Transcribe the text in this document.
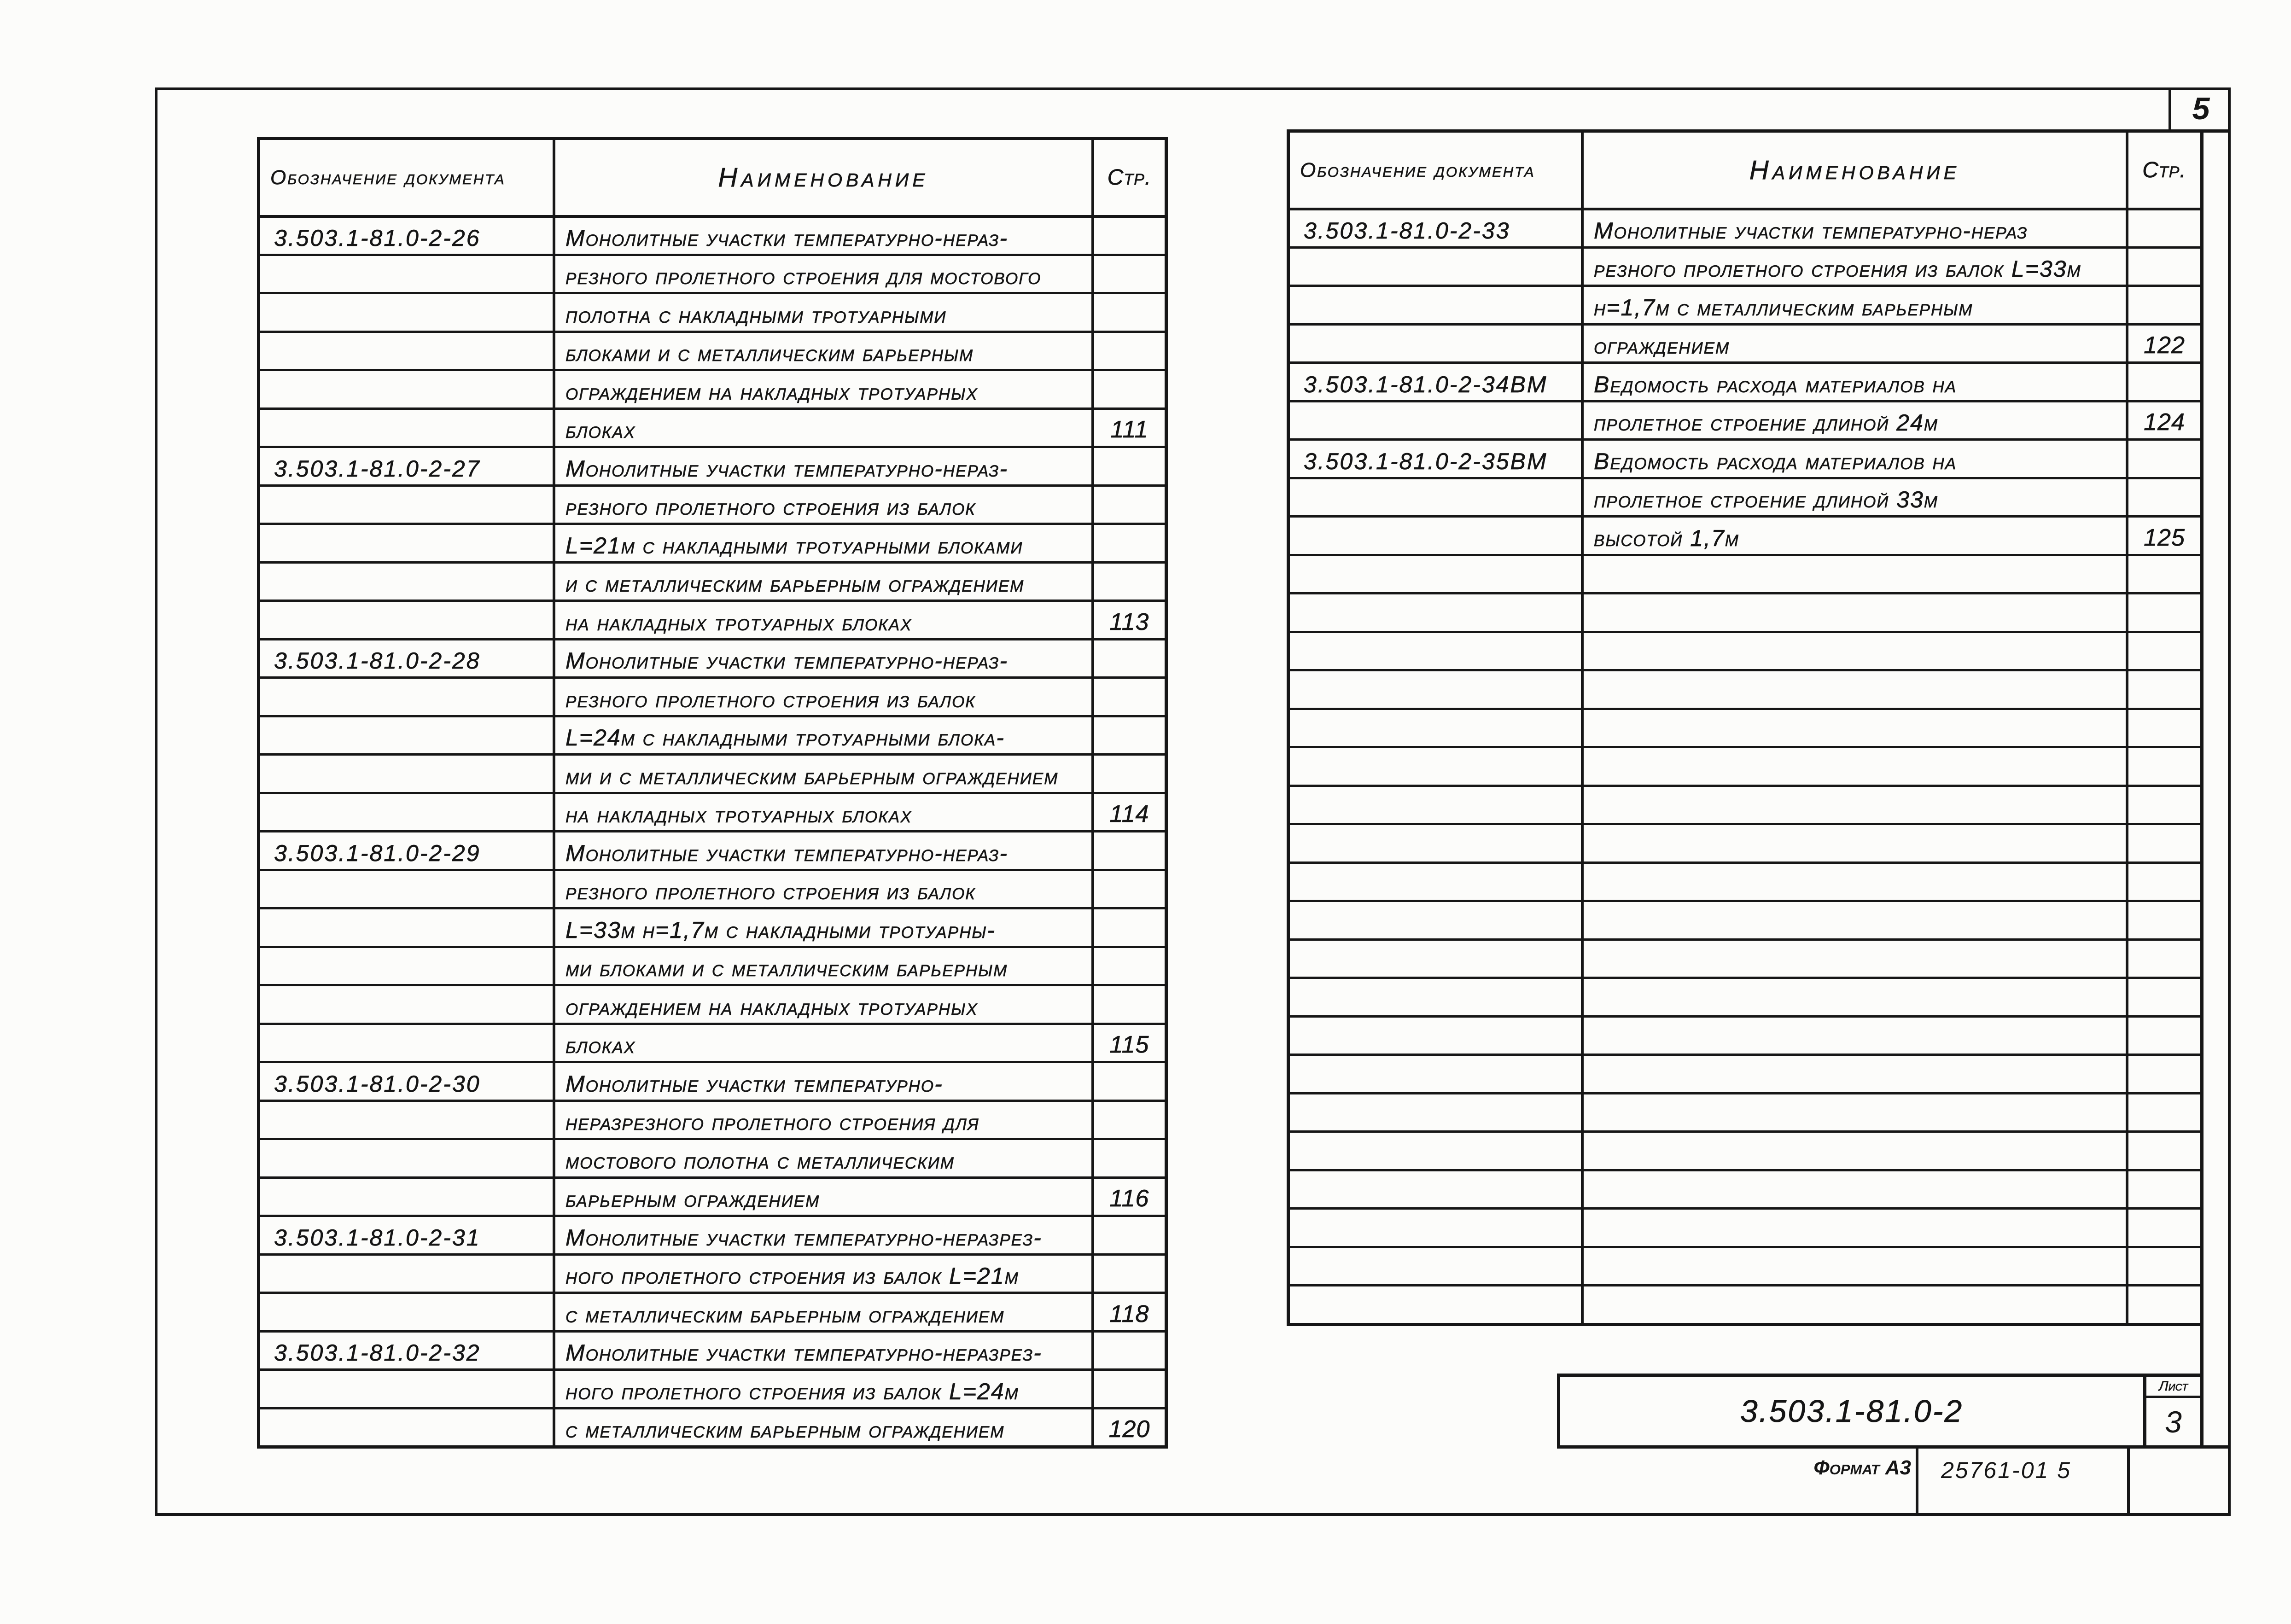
5
Обозначение документа	Наименование	Стр.
3.503.1-81.0-2-26	Монолитные участки температурно-нераз-
резного пролетного строения для мостового
полотна с накладными тротуарными
блоками и с металлическим барьерным
ограждением на накладных тротуарных
блоках	111
3.503.1-81.0-2-27	Монолитные участки температурно-нераз-
резного пролетного строения из балок
L=21м с накладными тротуарными блоками
и с металлическим барьерным ограждением
на накладных тротуарных блоках	113
3.503.1-81.0-2-28	Монолитные участки температурно-нераз-
резного пролетного строения из балок
L=24м с накладными тротуарными блока-
ми и с металлическим барьерным ограждением
на накладных тротуарных блоках	114
3.503.1-81.0-2-29	Монолитные участки температурно-нераз-
резного пролетного строения из балок
L=33м h=1,7м с накладными тротуарны-
ми блоками и с металлическим барьерным
ограждением на накладных тротуарных
блоках	115
3.503.1-81.0-2-30	Монолитные участки температурно-
неразрезного пролетного строения для
мостового полотна с металлическим
барьерным ограждением	116
3.503.1-81.0-2-31	Монолитные участки температурно-неразрез-
ного пролетного строения из балок L=21м
с металлическим барьерным ограждением	118
3.503.1-81.0-2-32	Монолитные участки температурно-неразрез-
ного пролетного строения из балок L=24м
с металлическим барьерным ограждением	120
Обозначение документа	Наименование	Стр.
3.503.1-81.0-2-33	Монолитные участки температурно-нераз
резного пролетного строения из балок L=33м
h=1,7м с металлическим барьерным
ограждением	122
3.503.1-81.0-2-34ВМ Ведомость расхода материалов на
пролетное строение длиной 24м	124
3.503.1-81.0-2-35ВМ Ведомость расхода материалов на
пролетное строение длиной 33м
высотой 1,7м	125
3.503.1-81.0-2
Лист
3
Формат А3 25761-01 5
